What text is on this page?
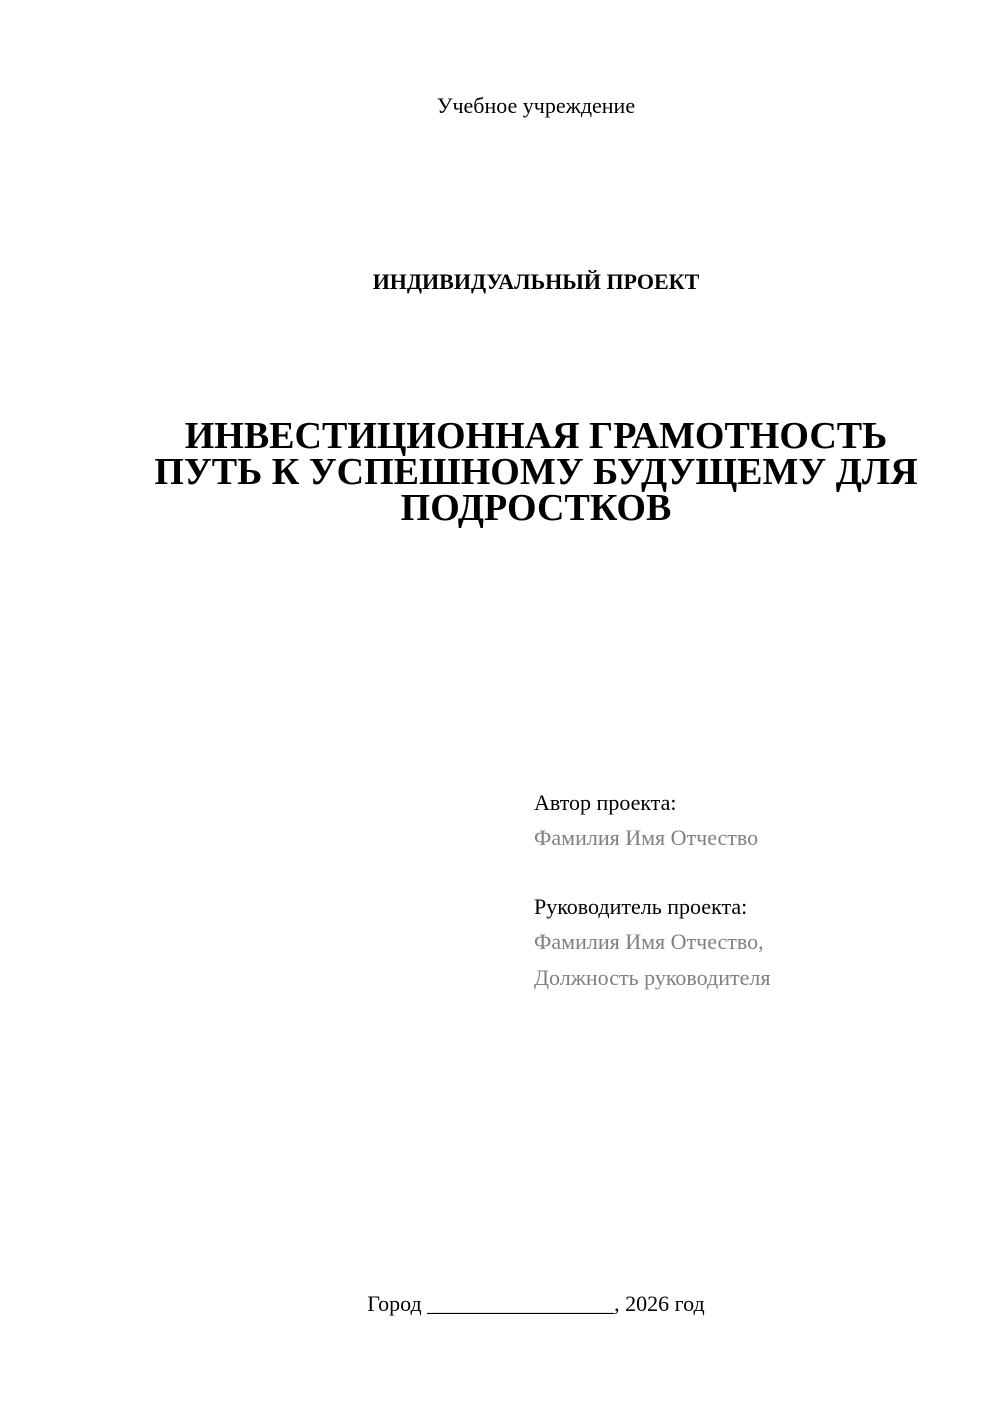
Учебное учреждение
ИНДИВИДУАЛЬНЫЙ ПРОЕКТ
ИНВЕСТИЦИОННАЯ ГРАМОТНОСТЬ
ПУТЬ К УСПЕШНОМУ БУДУЩЕМУ ДЛЯ
ПОДРОСТКОВ
Автор проекта:
Фамилия Имя Отчество
Руководитель проекта:
Фамилия Имя Отчество,
Должность руководителя
Город _________________, 2026 год
